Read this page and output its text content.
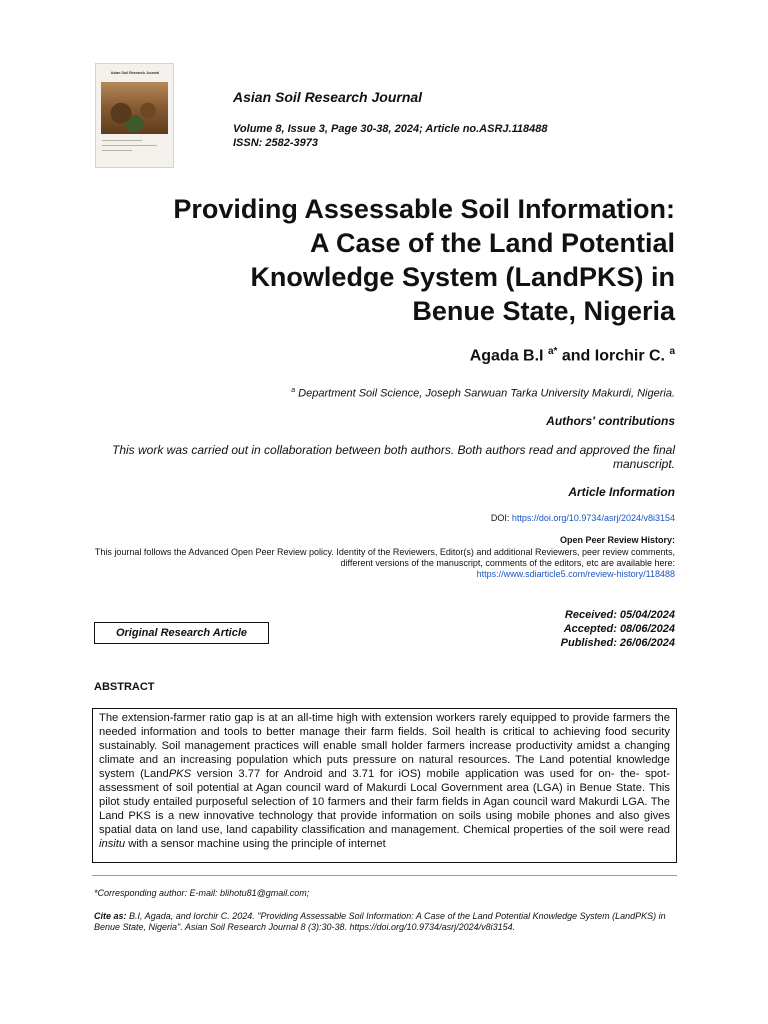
Asian Soil Research Journal
Asian Soil Research Journal
Volume 8, Issue 3, Page 30-38, 2024; Article no.ASRJ.118488
ISSN: 2582-3973
Providing Assessable Soil Information:
A Case of the Land Potential
Knowledge System (LandPKS) in
Benue State, Nigeria
Agada B.I $^{a*}$ and Iorchir C. $^a$
$^a$ Department Soil Science, Joseph Sarwuan Tarka University Makurdi, Nigeria.
Authors' contributions
This work was carried out in collaboration between both authors. Both authors read and approved the final manuscript.
Article Information
DOI: https://doi.org/10.9734/asrj/2024/v8i3154
Open Peer Review History:
This journal follows the Advanced Open Peer Review policy. Identity of the Reviewers, Editor(s) and additional Reviewers, peer review comments, different versions of the manuscript, comments of the editors, etc are available here:
https://www.sdiarticle5.com/review-history/118488
Original Research Article
Received: 05/04/2024
Accepted: 08/06/2024
Published: 26/06/2024
ABSTRACT
The extension-farmer ratio gap is at an all-time high with extension workers rarely equipped to provide farmers the needed information and tools to better manage their farm fields. Soil health is critical to achieving food security sustainably. Soil management practices will enable small holder farmers increase productivity amidst a changing climate and an increasing population which puts pressure on natural resources. The Land potential knowledge system (LandPKS version 3.77 for Android and 3.71 for iOS) mobile application was used for on- the- spot- assessment of soil potential at Agan council ward of Makurdi Local Government area (LGA) in Benue State. This pilot study entailed purposeful selection of 10 farmers and their farm fields in Agan council ward Makurdi LGA. The Land PKS is a new innovative technology that provide information on soils using mobile phones and also gives spatial data on land use, land capability classification and management. Chemical properties of the soil were read insitu with a sensor machine using the principle of internet
*Corresponding author: E-mail: blihotu81@gmail.com;
Cite as: B.I, Agada, and Iorchir C. 2024. "Providing Assessable Soil Information: A Case of the Land Potential Knowledge System (LandPKS) in Benue State, Nigeria". Asian Soil Research Journal 8 (3):30-38. https://doi.org/10.9734/asrj/2024/v8i3154.
